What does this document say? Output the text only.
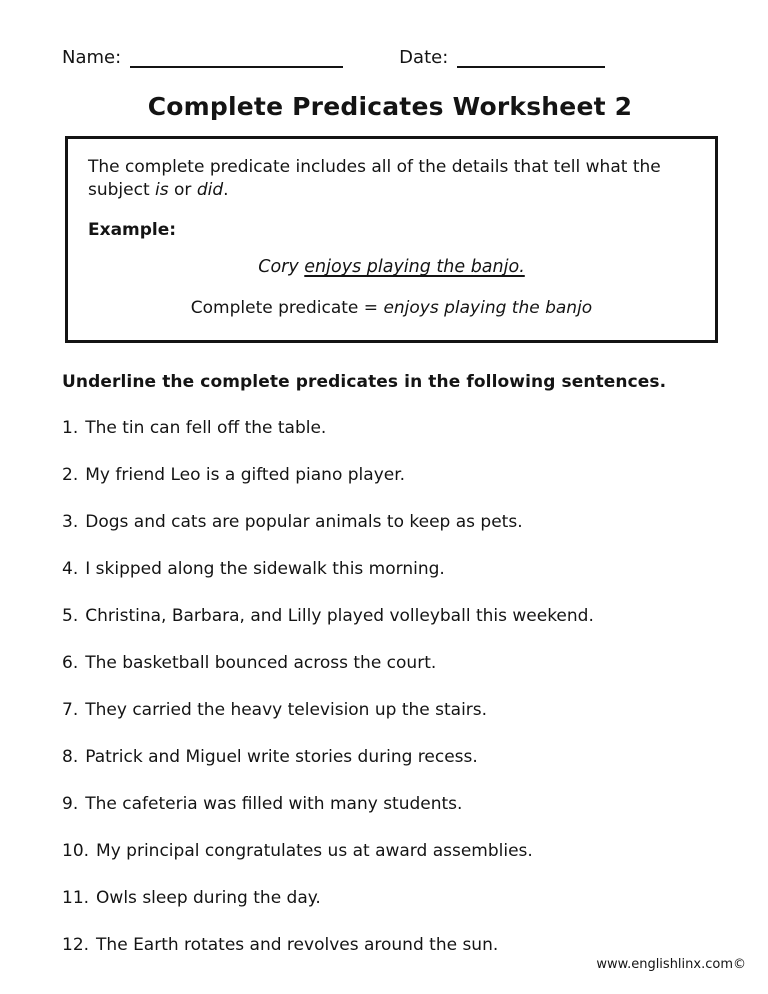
Name:	Date:
Complete Predicates Worksheet 2

The complete predicate includes all of the details that tell what the subject is or did.

Example:

Cory enjoys playing the banjo.

Complete predicate = enjoys playing the banjo

Underline the complete predicates in the following sentences.

1. The tin can fell off the table.

2. My friend Leo is a gifted piano player.

3. Dogs and cats are popular animals to keep as pets.

4. I skipped along the sidewalk this morning.

5. Christina, Barbara, and Lilly played volleyball this weekend.

6. The basketball bounced across the court.

7. They carried the heavy television up the stairs.

8. Patrick and Miguel write stories during recess.

9. The cafeteria was filled with many students.

10. My principal congratulates us at award assemblies.

11. Owls sleep during the day.

12. The Earth rotates and revolves around the sun.

www.englishlinx.com©
